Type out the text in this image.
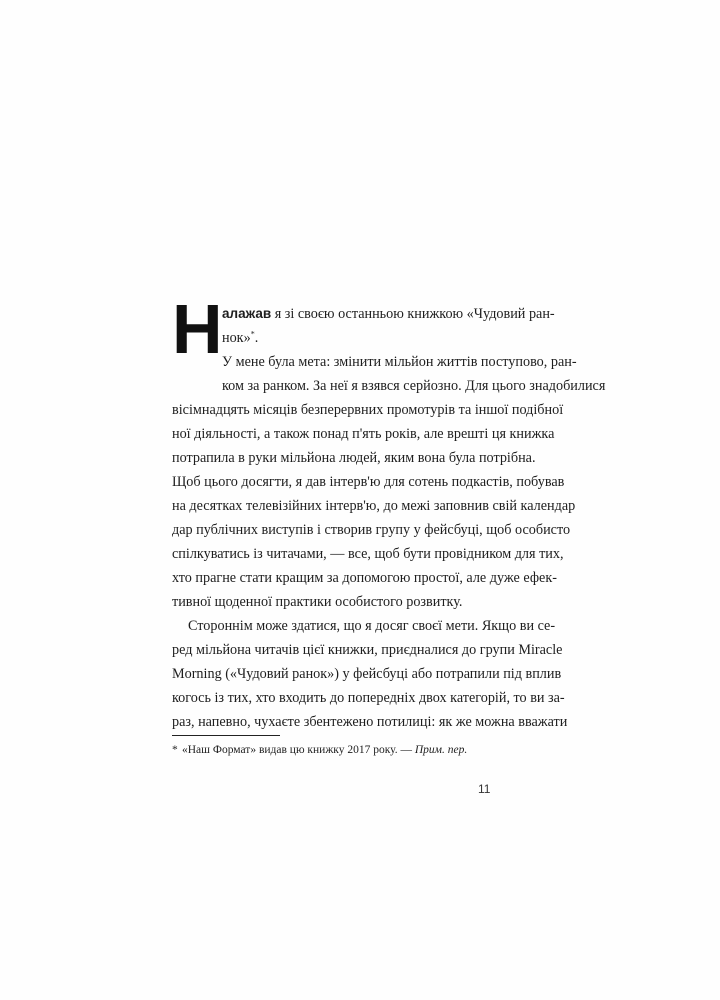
Н алажав я зі своєю останньою книжкою «Чудовий ран-
нок»*.
У мене була мета: змінити мільйон життів поступово, ран-
ком за ранком. За неї я взявся серйозно. Для цього знадобилися
вісімнадцять місяців безперервних промотурів та іншої подібної
ної діяльності, а також понад п'ять років, але врешті ця книжка
потрапила в руки мільйона людей, яким вона була потрібна.
Щоб цього досягти, я дав інтерв'ю для сотень подкастів, побував
на десятках телевізійних інтерв'ю, до межі заповнив свій календар
дар публічних виступів і створив групу у фейсбуці, щоб особисто
спілкуватись із читачами, — все, щоб бути провідником для тих,
хто прагне стати кращим за допомогою простої, але дуже ефек-
тивної щоденної практики особистого розвитку.
Стороннім може здатися, що я досяг своєї мети. Якщо ви се-
ред мільйона читачів цієї книжки, приєдналися до групи Miracle
Morning («Чудовий ранок») у фейсбуці або потрапили під вплив
когось із тих, хто входить до попередніх двох категорій, то ви за-
раз, напевно, чухаєте збентежено потилиці: як же можна вважати
* «Наш Формат» видав цю книжку 2017 року. — Прим. пер.
11
